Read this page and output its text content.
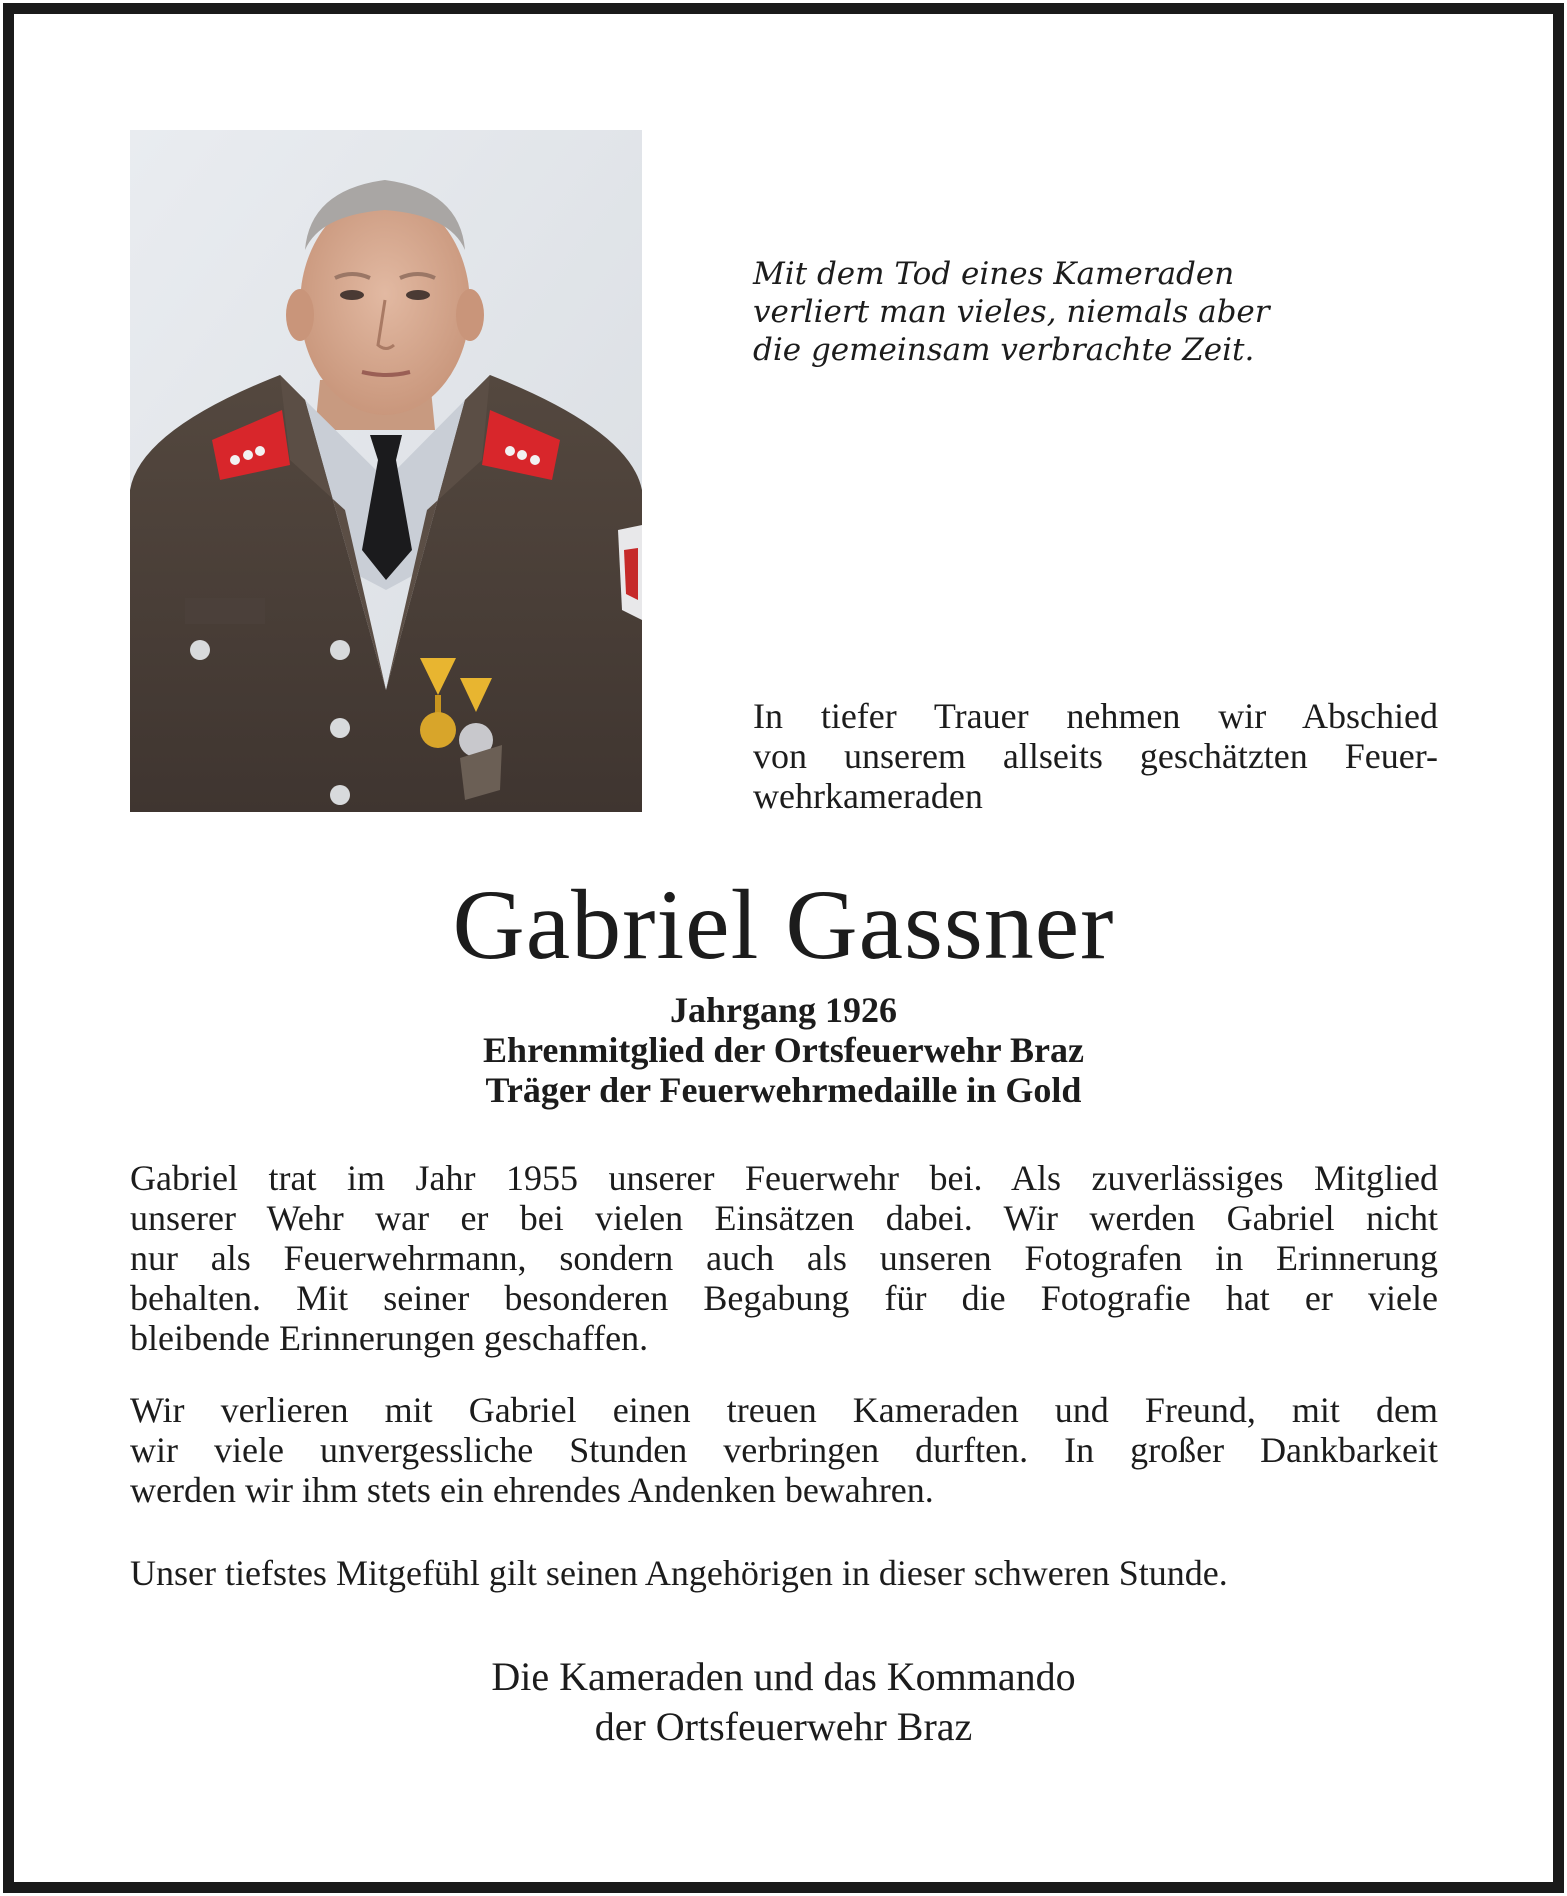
Mit dem Tod eines Kameraden
verliert man vieles, niemals aber
die gemeinsam verbrachte Zeit.
In tiefer Trauer nehmen wir Abschied
von unserem allseits geschätzten Feuer-
wehrkameraden
Gabriel Gassner
Jahrgang 1926
Ehrenmitglied der Ortsfeuerwehr Braz
Träger der Feuerwehrmedaille in Gold
Gabriel trat im Jahr 1955 unserer Feuerwehr bei. Als zuverlässiges Mitglied
unserer Wehr war er bei vielen Einsätzen dabei. Wir werden Gabriel nicht
nur als Feuerwehrmann, sondern auch als unseren Fotografen in Erinnerung
behalten. Mit seiner besonderen Begabung für die Fotografie hat er viele
bleibende Erinnerungen geschaffen.
Wir verlieren mit Gabriel einen treuen Kameraden und Freund, mit dem
wir viele unvergessliche Stunden verbringen durften. In großer Dankbarkeit
werden wir ihm stets ein ehrendes Andenken bewahren.
Unser tiefstes Mitgefühl gilt seinen Angehörigen in dieser schweren Stunde.
Die Kameraden und das Kommando
der Ortsfeuerwehr Braz
